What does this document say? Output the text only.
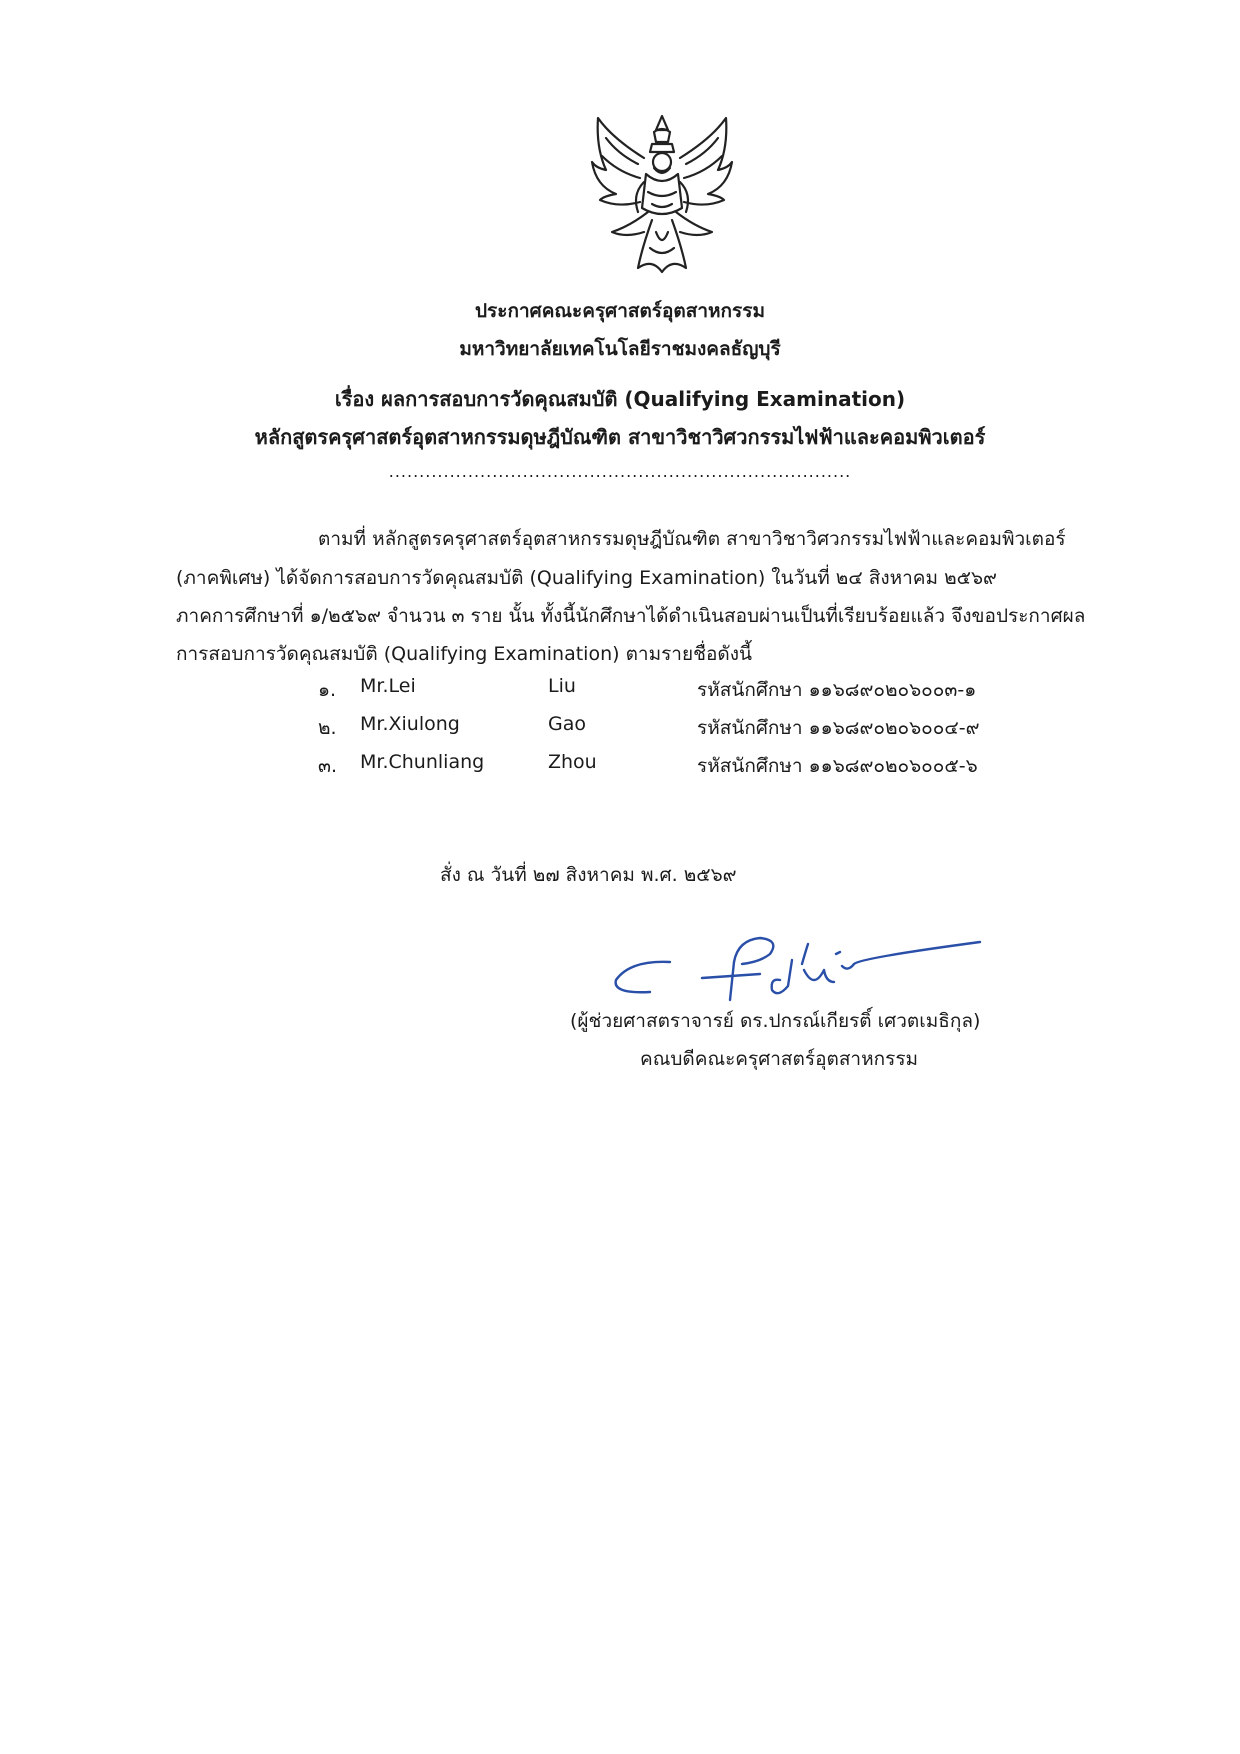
ประกาศคณะครุศาสตร์อุตสาหกรรม
มหาวิทยาลัยเทคโนโลยีราชมงคลธัญบุรี
เรื่อง ผลการสอบการวัดคุณสมบัติ (Qualifying Examination)
หลักสูตรครุศาสตร์อุตสาหกรรมดุษฎีบัณฑิต สาขาวิชาวิศวกรรมไฟฟ้าและคอมพิวเตอร์
............................................................................
ตามที่ หลักสูตรครุศาสตร์อุตสาหกรรมดุษฎีบัณฑิต สาขาวิชาวิศวกรรมไฟฟ้าและคอมพิวเตอร์
(ภาคพิเศษ) ได้จัดการสอบการวัดคุณสมบัติ (Qualifying Examination) ในวันที่ ๒๔ สิงหาคม ๒๕๖๙
ภาคการศึกษาที่ ๑/๒๕๖๙ จำนวน ๓ ราย นั้น ทั้งนี้นักศึกษาได้ดำเนินสอบผ่านเป็นที่เรียบร้อยแล้ว จึงขอประกาศผล
การสอบการวัดคุณสมบัติ (Qualifying Examination) ตามรายชื่อดังนี้
๑. Mr.Lei	Liu	รหัสนักศึกษา ๑๑๖๘๙๐๒๐๖๐๐๓-๑
๒. Mr.Xiulong	Gao	รหัสนักศึกษา ๑๑๖๘๙๐๒๐๖๐๐๔-๙
๓. Mr.Chunliang	Zhou	รหัสนักศึกษา ๑๑๖๘๙๐๒๐๖๐๐๕-๖
สั่ง ณ วันที่ ๒๗ สิงหาคม พ.ศ. ๒๕๖๙
(ผู้ช่วยศาสตราจารย์ ดร.ปกรณ์เกียรติ์ เศวตเมธิกุล)
คณบดีคณะครุศาสตร์อุตสาหกรรม
